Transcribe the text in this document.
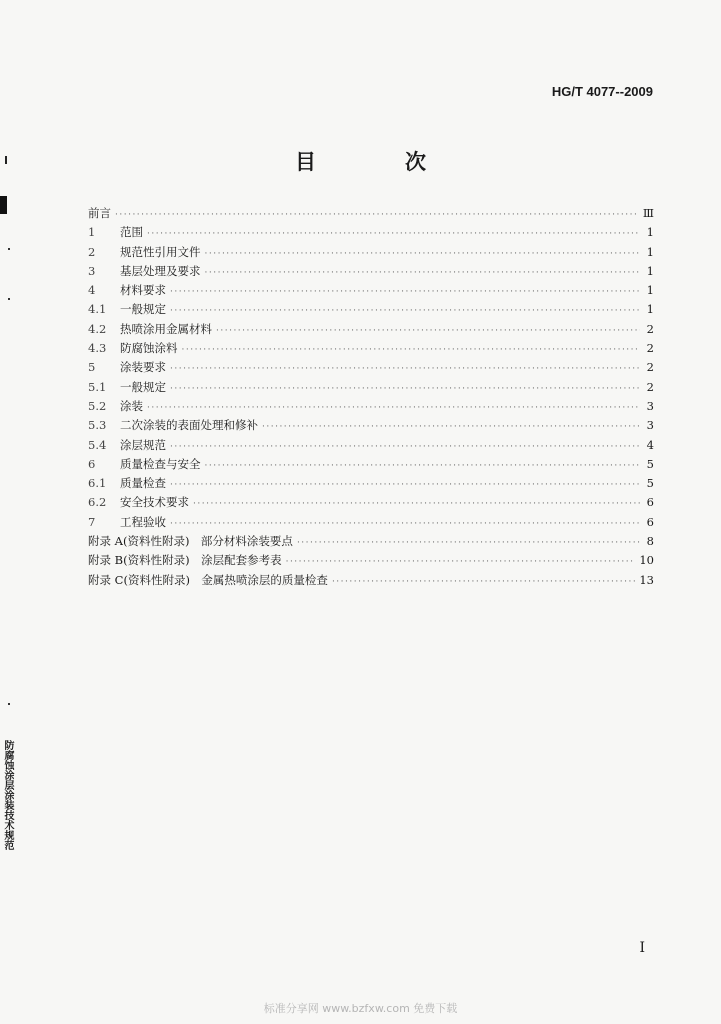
防腐蚀涂层涂装技术规范
HG/T 4077--2009
目　次
前言 ·····	Ⅲ
1	范围 ·····	1
2	规范性引用文件 ·····	1
3	基层处理及要求 ·····	1
4	材料要求 ·····	1
4.1	一般规定 ·····	1
4.2	热喷涂用金属材料 ·····	2
4.3	防腐蚀涂料 ·····	2
5	涂装要求 ·····	2
5.1	一般规定 ·····	2
5.2	涂装 ·····	3
5.3	二次涂装的表面处理和修补 ·····	3
5.4	涂层规范 ·····	4
6	质量检查与安全 ·····	5
6.1	质量检查 ·····	5
6.2	安全技术要求 ·····	6
7	工程验收 ·····	6
附录 A(资料性附录)　部分材料涂装要点 ·····	8
附录 B(资料性附录)　涂层配套参考表 ·····	10
附录 C(资料性附录)　金属热喷涂层的质量检查 ·····	13
I
标准分享网 www.bzfxw.com 免费下载
